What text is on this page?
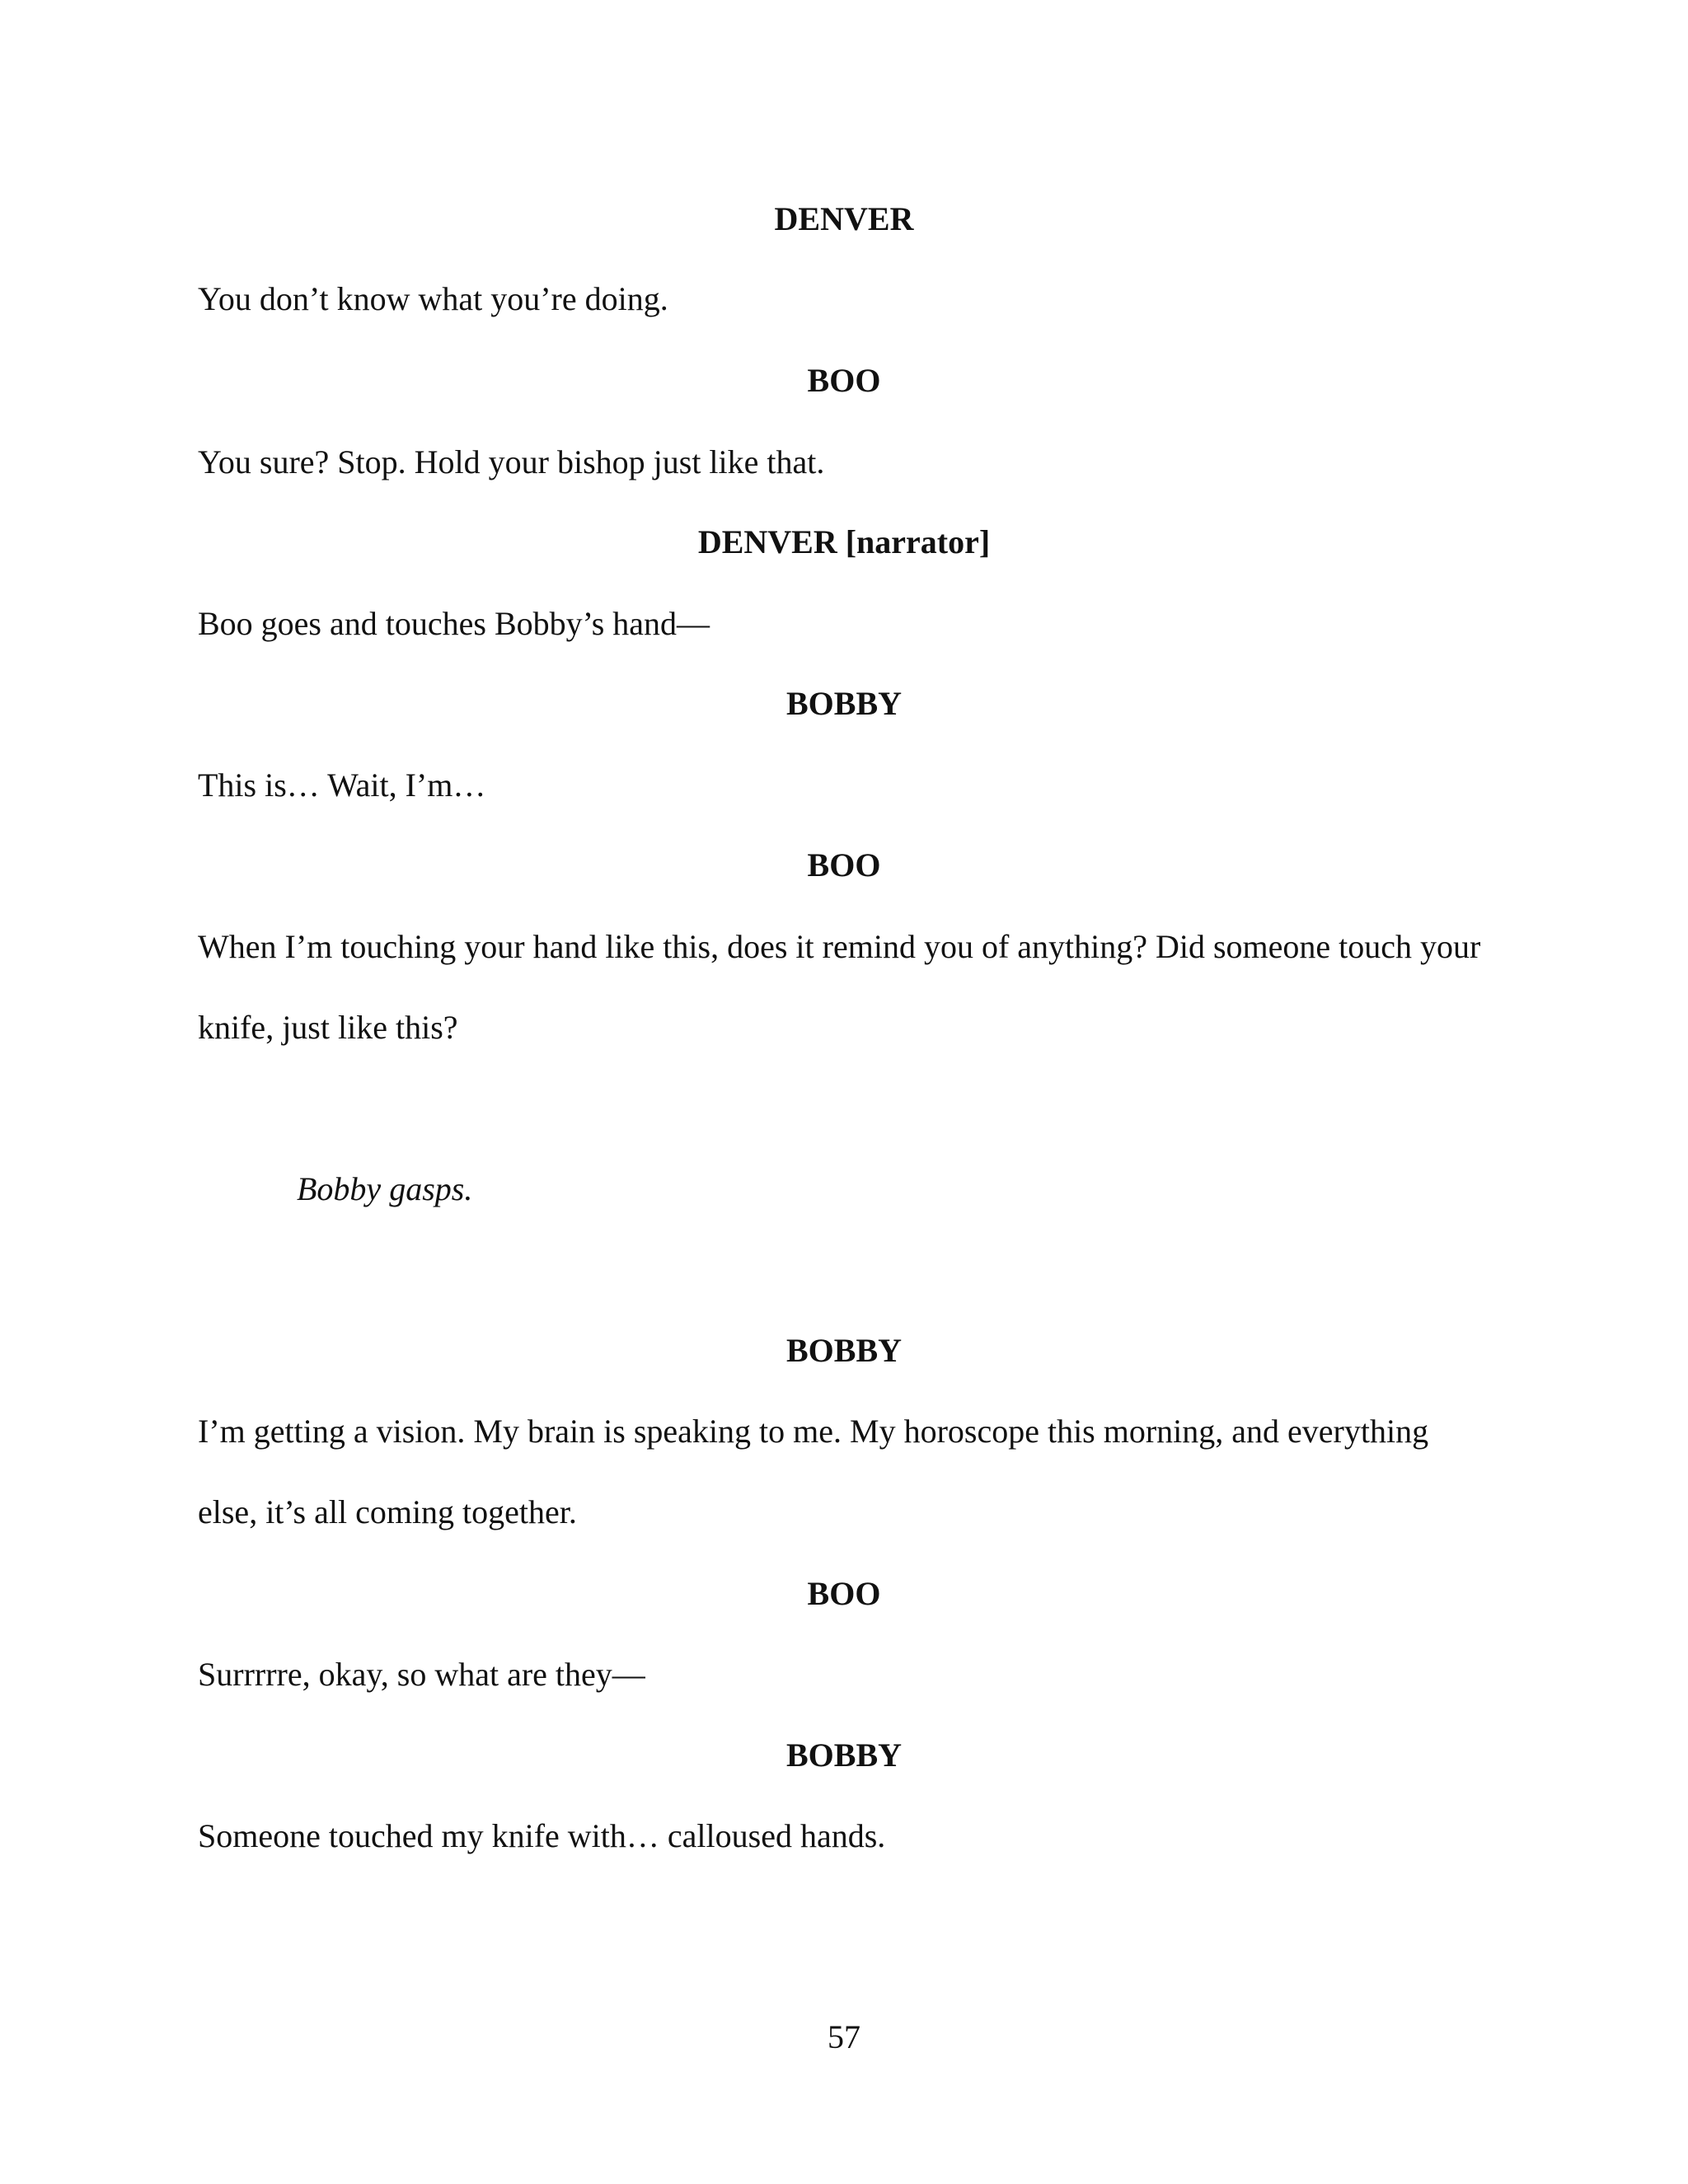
DENVER
You don’t know what you’re doing.
BOO
You sure? Stop. Hold your bishop just like that.
DENVER [narrator]
Boo goes and touches Bobby’s hand—
BOBBY
This is… Wait, I’m…
BOO
When I’m touching your hand like this, does it remind you of anything? Did someone touch your
knife, just like this?
Bobby gasps.
BOBBY
I’m getting a vision. My brain is speaking to me. My horoscope this morning, and everything
else, it’s all coming together.
BOO
Surrrrre, okay, so what are they—
BOBBY
Someone touched my knife with… calloused hands.
57
